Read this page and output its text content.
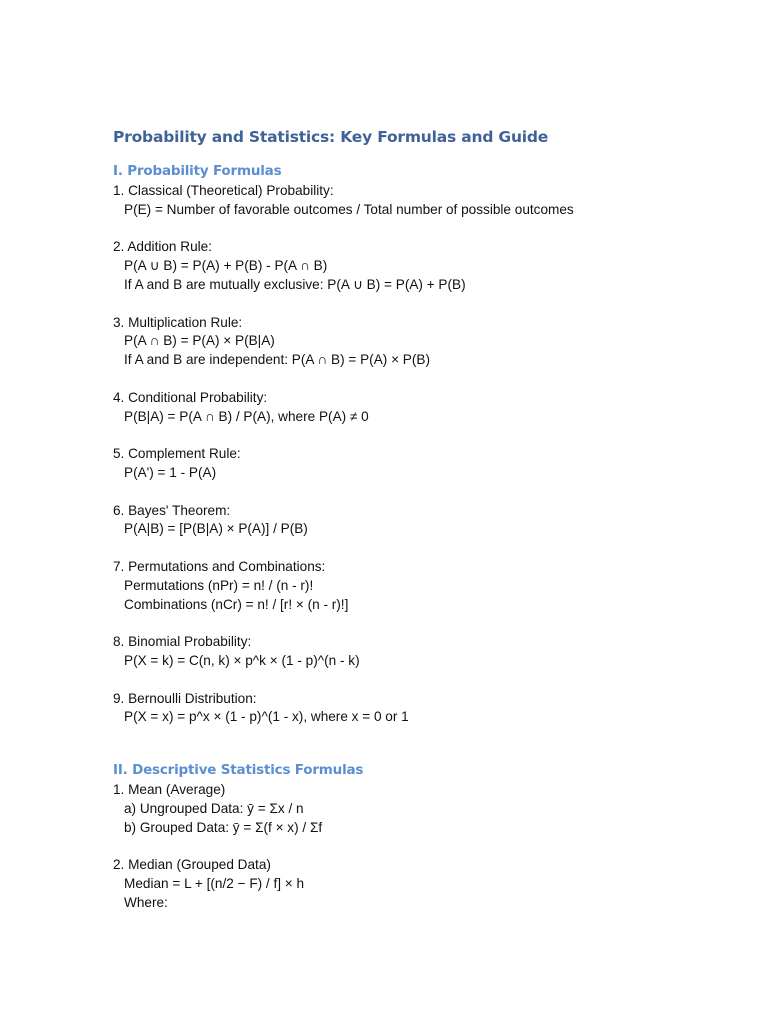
Probability and Statistics: Key Formulas and Guide
I. Probability Formulas
1. Classical (Theoretical) Probability:
P(E) = Number of favorable outcomes / Total number of possible outcomes
2. Addition Rule:
P(A ∪ B) = P(A) + P(B) - P(A ∩ B)
If A and B are mutually exclusive: P(A ∪ B) = P(A) + P(B)
3. Multiplication Rule:
P(A ∩ B) = P(A) × P(B|A)
If A and B are independent: P(A ∩ B) = P(A) × P(B)
4. Conditional Probability:
P(B|A) = P(A ∩ B) / P(A), where P(A) ≠ 0
5. Complement Rule:
P(A') = 1 - P(A)
6. Bayes' Theorem:
P(A|B) = [P(B|A) × P(A)] / P(B)
7. Permutations and Combinations:
Permutations (nPr) = n! / (n - r)!
Combinations (nCr) = n! / [r! × (n - r)!]
8. Binomial Probability:
P(X = k) = C(n, k) × p^k × (1 - p)^(n - k)
9. Bernoulli Distribution:
P(X = x) = p^x × (1 - p)^(1 - x), where x = 0 or 1
II. Descriptive Statistics Formulas
1. Mean (Average)
a) Ungrouped Data: ȳ = Σx / n
b) Grouped Data: ȳ = Σ(f × x) / Σf
2. Median (Grouped Data)
Median = L + [(n/2 − F) / f] × h
Where:
